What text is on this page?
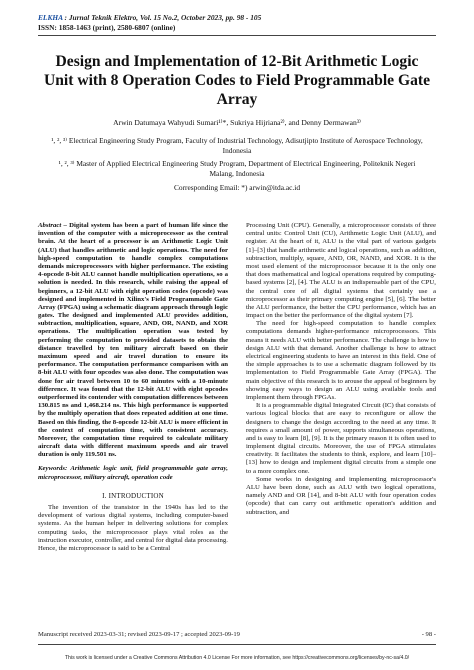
ELKHA : Jurnal Teknik Elektro, Vol. 15 No.2, October 2023, pp. 98 - 105
ISSN: 1858-1463 (print), 2580-6807 (online)
Design and Implementation of 12-Bit Arithmetic Logic Unit with 8 Operation Codes to Field Programmable Gate Array
Arwin Datumaya Wahyudi Sumari¹⁾*, Sukriya Hijriana²⁾, and Denny Dermawan³⁾
¹, ², ³⁾ Electrical Engineering Study Program, Faculty of Industrial Technology, Adisutjipto Institute of Aerospace Technology, Indonesia
¹, ², ³⁾ Master of Applied Electrical Engineering Study Program, Department of Electrical Engineering, Politeknik Negeri Malang, Indonesia
Corresponding Email: *) arwin@itda.ac.id
Abstract – Digital system has been a part of human life since the invention of the computer with a microprocessor as the central brain. At the heart of a processor is an Arithmetic Logic Unit (ALU) that handles arithmetic and logic operations. The need for high-speed computation to handle complex computations demands microprocessors with higher performance. The existing 4-opcode 8-bit ALU cannot handle multiplication operations, so a solution is needed. In this research, while raising the appeal of beginners, a 12-bit ALU with eight operation codes (opcode) was designed and implemented in Xilinx's Field Programmable Gate Array (FPGA) using a schematic diagram approach through logic gates. The designed and implemented ALU provides addition, subtraction, multiplication, square, AND, OR, NAND, and XOR operations. The multiplication operation was tested by performing the computation to provided datasets to obtain the distance travelled by ten military aircraft based on their maximum speed and air travel duration to ensure its performance. The computation performance comparison with an 8-bit ALU with four opcodes was also done. The computation was done for air travel between 10 to 60 minutes with a 10-minute difference. It was found that the 12-bit ALU with eight opcodes outperformed its contender with computation differences between 130.815 ns and 1,468.214 ns. This high performance is supported by the multiply operation that does repeated addition at one time. Based on this finding, the 8-opcode 12-bit ALU is more efficient in the context of computation time, with consistent accuracy. Moreover, the computation time required to calculate military aircraft data with different maximum speeds and air travel duration is only 119.501 ns.
Keywords: Arithmetic logic unit, field programmable gate array, microprocessor, military aircraft, operation code
I. INTRODUCTION

The invention of the transistor in the 1940s has led to the development of various digital systems, including computer-based systems. As the human helper in delivering solutions for complex computing tasks, the microprocessor plays vital roles as the instruction executor, controller, and central for digital data processing. Hence, the microprocessor is said to be a Central

Processing Unit (CPU). Generally, a microprocessor consists of three central units: Control Unit (CU), Arithmetic Logic Unit (ALU), and register. At the heart of it, ALU is the vital part of various gadgets [1]–[3] that handle arithmetic and logical operations, such as addition, subtraction, multiply, square, AND, OR, NAND, and XOR. It is the most used element of the microprocessor because it is the only one that does mathematical and logical operations required by computing-based systems [2], [4]. The ALU is an indispensable part of the CPU, the central core of all digital systems that certainly use a microprocessor as their primary computing engine [5], [6]. The better the ALU performance, the better the CPU performance, which has an impact on the better the performance of the digital system [7].

The need for high-speed computation to handle complex computations demands higher-performance microprocessors. This means it needs ALU with better performance. The challenge is how to design ALU with that demand. Another challenge is how to attract electrical engineering students to have an interest in this field. One of the simple approaches is to use a schematic diagram followed by its implementation to Field Programmable Gate Array (FPGA). The main objective of this research is to arouse the appeal of beginners by showing easy ways to design an ALU using available tools and implement them through FPGAs.

It is a programmable digital Integrated Circuit (IC) that consists of various logical blocks that are easy to reconfigure or allow the designers to change the design according to the need at any time. It requires a small amount of power, supports simultaneous operations, and is easy to learn [8], [9]. It is the primary reason it is often used to implement digital circuits. Moreover, the use of FPGA stimulates creativity. It facilitates the students to think, explore, and learn [10]–[13] how to design and implement digital circuits from a simple one to a more complex one.

Some works in designing and implementing microprocessor's ALU have been done, such as ALU with two logical operations, namely AND and OR [14], and 8-bit ALU with four operation codes (opcode) that can carry out arithmetic operation's addition and subtraction, and

Manuscript received 2023-03-31; revised 2023-09-17 ; accepted 2023-09-19	- 98 -
This work is licensed under a Creative Commons Attribution 4.0 License For more information, see https://creativecommons.org/licenses/by-nc-sa/4.0/
